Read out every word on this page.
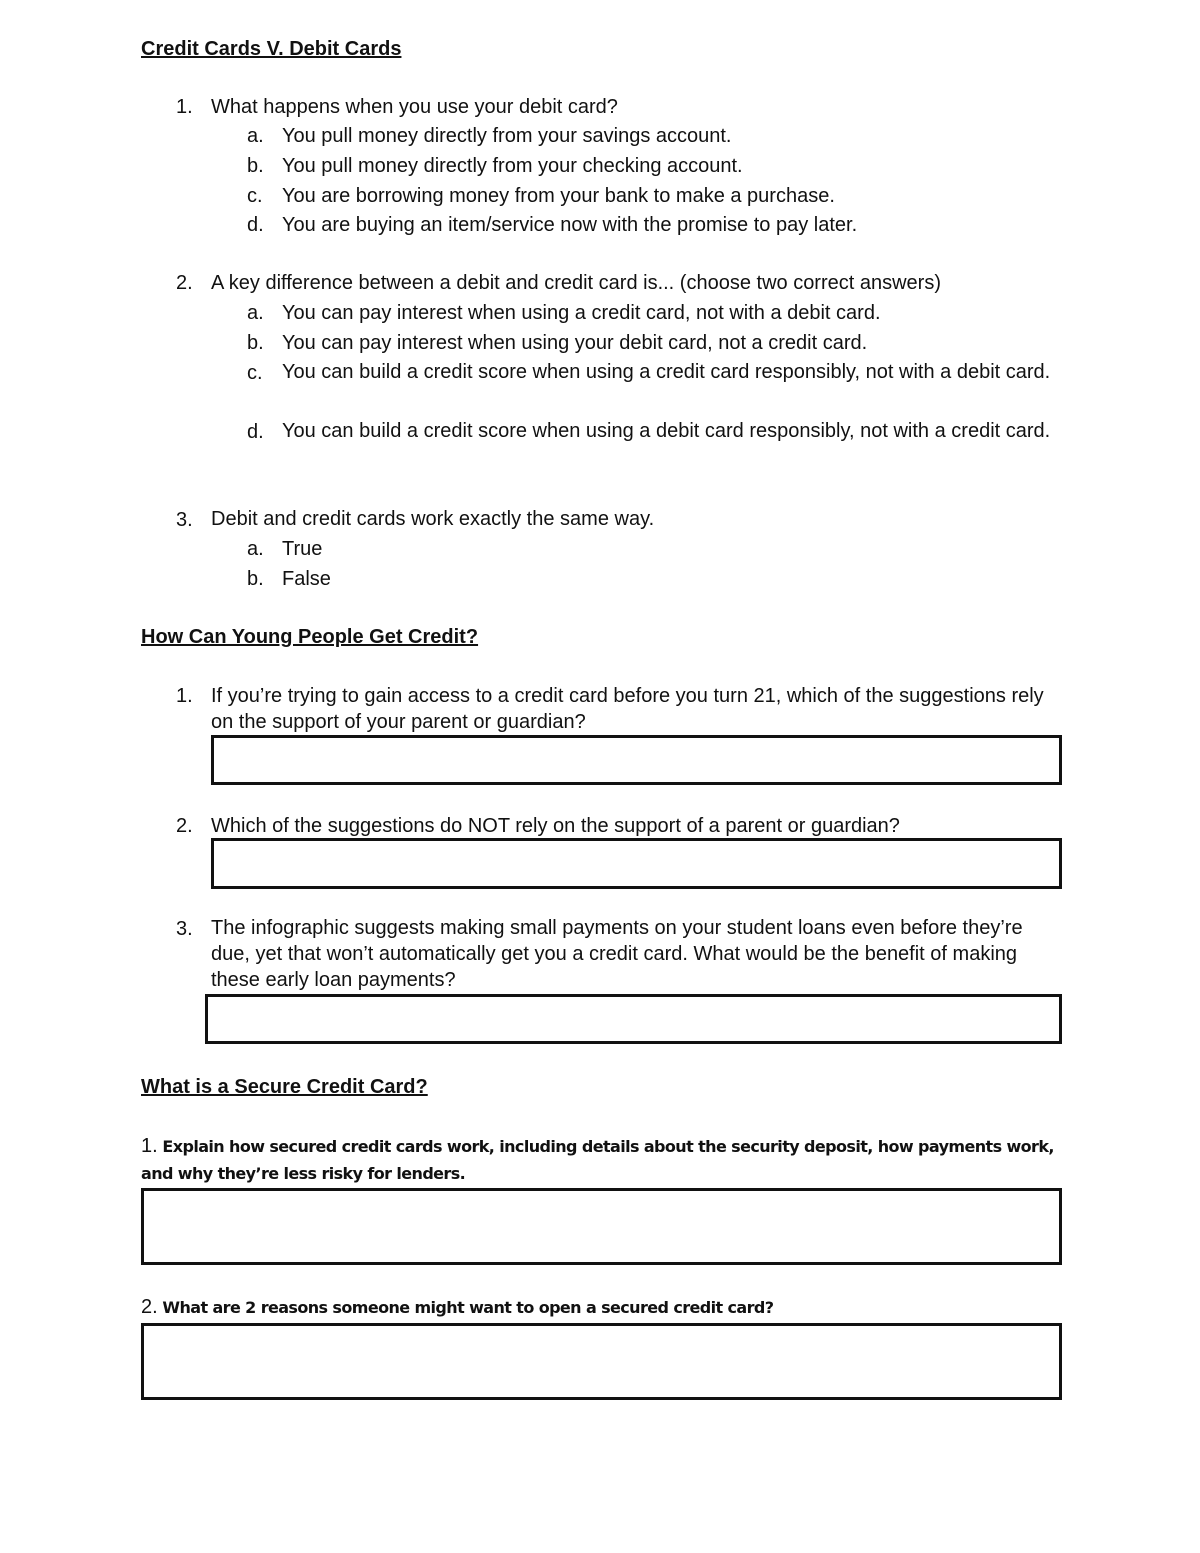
Credit Cards V. Debit Cards
1. What happens when you use your debit card?
a. You pull money directly from your savings account.
b. You pull money directly from your checking account.
c. You are borrowing money from your bank to make a purchase.
d. You are buying an item/service now with the promise to pay later.
2. A key difference between a debit and credit card is... (choose two correct answers)
a. You can pay interest when using a credit card, not with a debit card.
b. You can pay interest when using your debit card, not a credit card.
c. You can build a credit score when using a credit card responsibly, not with a debit card.
d. You can build a credit score when using a debit card responsibly, not with a credit card.
3. Debit and credit cards work exactly the same way.
a. True
b. False
How Can Young People Get Credit?
1. If you’re trying to gain access to a credit card before you turn 21, which of the suggestions rely on the support of your parent or guardian?
2. Which of the suggestions do NOT rely on the support of a parent or guardian?
3. The infographic suggests making small payments on your student loans even before they’re due, yet that won’t automatically get you a credit card. What would be the benefit of making these early loan payments?
What is a Secure Credit Card?
1. Explain how secured credit cards work, including details about the security deposit, how payments work, and why they’re less risky for lenders.
2. What are 2 reasons someone might want to open a secured credit card?
